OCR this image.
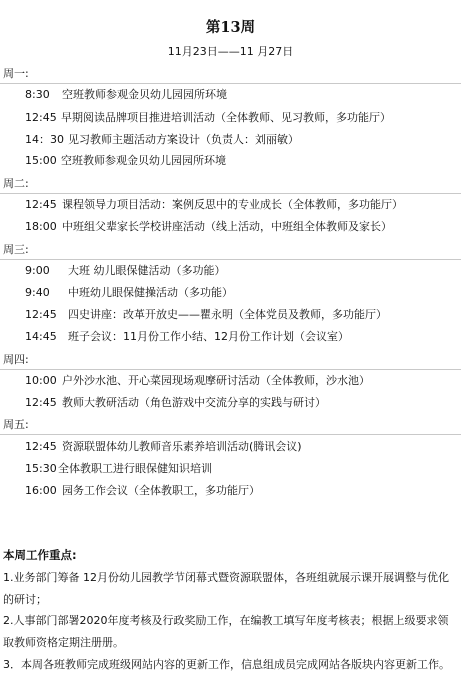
第13周
11月23日——11 月27日
周一:
8:30 空班教师参观金贝幼儿园园所环境
12:45 早期阅读品牌项目推进培训活动（全体教师、见习教师，多功能厅）
14：30 见习教师主题活动方案设计（负责人：刘丽敏）
15:00 空班教师参观金贝幼儿园园所环境
周二:
12:45 课程领导力项目活动：案例反思中的专业成长（全体教师，多功能厅）
18:00 中班组父辈家长学校讲座活动（线上活动，中班组全体教师及家长）
周三:
9:00 大班 幼儿眼保健活动（多功能）
9:40 中班幼儿眼保健操活动（多功能）
12:45 四史讲座：改革开放史——瞿永明（全体党员及教师，多功能厅）
14:45 班子会议：11月份工作小结、12月份工作计划（会议室）
周四:
10:00 户外沙水池、开心菜园现场观摩研讨活动（全体教师，沙水池）
12:45 教师大教研活动（角色游戏中交流分享的实践与研讨）
周五:
12:45 资源联盟体幼儿教师音乐素养培训活动(腾讯会议)
15:30 全体教职工进行眼保健知识培训
16:00 园务工作会议（全体教职工，多功能厅）
本周工作重点:
1.业务部门筹备 12月份幼儿园教学节闭幕式暨资源联盟体，各班组就展示课开展调整与优化的研讨；
2.人事部门部署2020年度考核及行政奖励工作，在编教工填写年度考核表；根据上级要求领取教师资格定期注册册。
3．本周各班教师完成班级网站内容的更新工作，信息组成员完成网站各版块内容更新工作。
